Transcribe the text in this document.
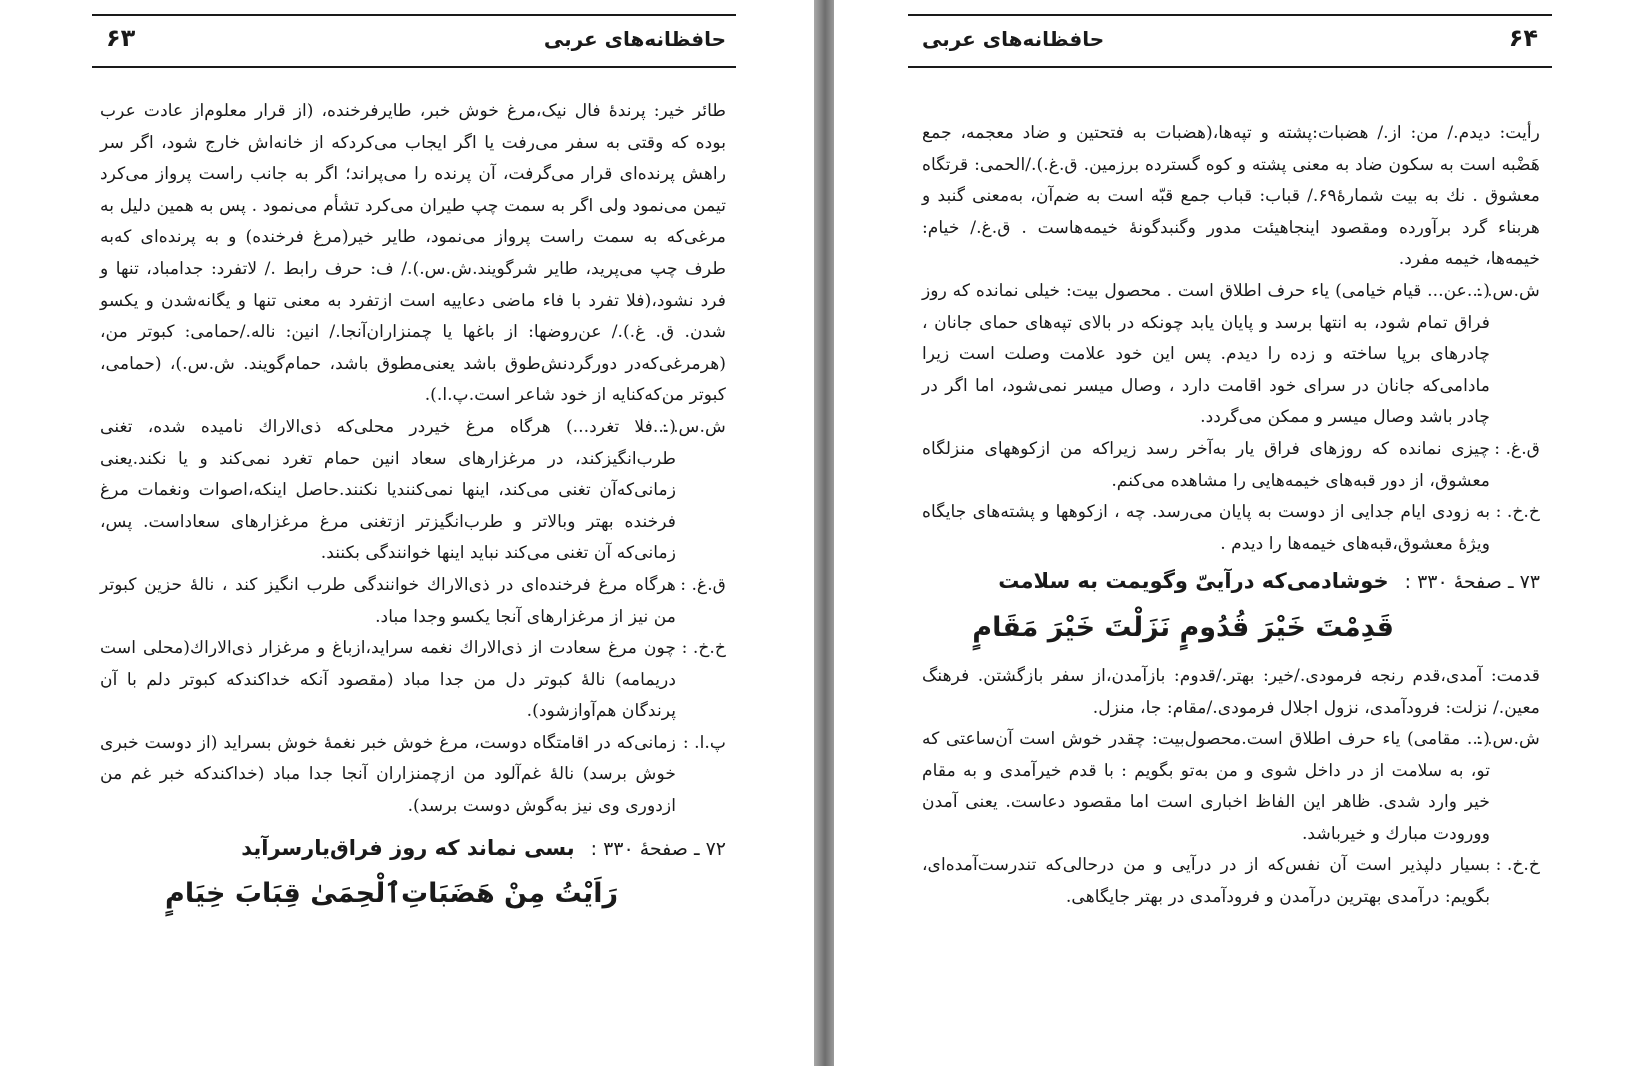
حافظانه‌های عربی
۶۳

طائر خیر: پرندۀ فال نیک،مرغ خوش خبر، طایرفرخنده، (از قرار معلوم‌از عادت عرب بوده که وقتی به سفر می‌رفت یا اگر ایجاب می‌کردکه از خانه‌اش خارج شود، اگر سر راهش پرنده‌ای قرار می‌گرفت، آن پرنده را می‌پراند؛ اگر به جانب راست پرواز می‌کرد تیمن می‌نمود ولی اگر به سمت چپ طیران می‌کرد تشأم می‌نمود . پس به همین دلیل به مرغی‌که به سمت راست پرواز می‌نمود، طایر خیر(مرغ فرخنده) و به پرنده‌ای که‌به طرف چپ می‌پرید، طایر شرگویند.ش.س.)./ ف: حرف رابط ./ لاتفرد: جدامباد، تنها و فرد نشود،(فلا تفرد با فاء ماضی دعاییه است ازتفرد به معنی تنها و یگانه‌شدن و یکسو شدن. ق. غ.)./ عن‌روضها: از باغها یا چمنزاران‌آنجا./ انین: ناله./حمامی: کبوتر من،(هرمرغی‌که‌در دورگردنش‌طوق باشد یعنی‌مطوق باشد، حمام‌گویند. ش.س.)، (حمامی، کبوتر من‌که‌کنایه از خود شاعر است.پ.ا.).

ش.س. :
(...فلا تغرد...) هرگاه مرغ خیردر محلی‌که ذی‌الاراك نامیده شده، تغنی طرب‌انگیزکند، در مرغزارهای سعاد انین حمام تغرد نمی‌کند و یا نکند.یعنی زمانی‌که‌آن تغنی می‌کند، اینها نمی‌کنندیا نکنند.حاصل اینکه،اصوات ونغمات مرغ فرخنده بهتر وبالاتر و طرب‌انگیزتر ازتغنی مرغ مرغزارهای سعاداست. پس، زمانی‌که آن تغنی می‌کند نباید اینها خوانندگی بکنند.
ق.غ. :
هرگاه مرغ فرخنده‌ای در ذی‌الاراك خوانندگی طرب انگیز کند ، نالۀ حزین کبوتر من نیز از مرغزارهای آنجا یکسو وجدا مباد.
خ.خ. :
چون مرغ سعادت از ذی‌الاراك نغمه سراید،ازباغ و مرغزار ذی‌الاراك(محلی است دریمامه) نالۀ کبوتر دل من جدا مباد (مقصود آنکه خداکندکه کبوتر دلم با آن پرندگان هم‌آوازشود).
پ.ا. :
زمانی‌که در اقامتگاه دوست، مرغ خوش خبر نغمۀ خوش بسراید (از دوست خبری خوش برسد) نالۀ غم‌آلود من ازچمنزاران آنجا جدا مباد (خداکندکه خبر غم من ازدوری وی نیز به‌گوش دوست برسد).
۷۲ ـ صفحهٔ ۳۳۰ :
بسی نماند که روز فراق‌یارسرآید
رَاَیْتُ مِنْ هَضَبَاتِ‌ٱلْحِمَیٰ قِبَابَ خِیَامٍ
۶۴
حافظانه‌های عربی

رأیت: دیدم./ من: از./ هضبات:پشته و تپه‌ها،(هضبات به فتحتین و ضاد معجمه، جمع هَضْبه است به سکون ضاد به معنی پشته و کوه گسترده برزمین. ق.غ.)./الحمی: قرتگاه معشوق . نك به بیت شمارۀ۶۹./ قباب: قباب جمع قبّه است به ضم‌آن، به‌معنی گنبد و هربناء گرد برآورده ومقصود اینجاهیئت مدور وگنبدگونۀ خیمه‌هاست . ق.غ./ خیام: خیمه‌ها، خیمه مفرد.

ش.س. :
(...عن... قیام خیامی) یاء حرف اطلاق است . محصول بیت: خیلی نمانده که روز فراق تمام شود، به انتها برسد و پایان یابد چونکه در بالای تپه‌های حمای جانان ، چادرهای برپا ساخته و زده را دیدم. پس این خود علامت وصلت است زیرا مادامی‌که جانان در سرای خود اقامت دارد ، وصال میسر نمی‌شود، اما اگر در چادر باشد وصال میسر و ممکن می‌گردد.
ق.غ. :
چیزی نمانده که روزهای فراق یار به‌آخر رسد زیراکه من ازکوههای منزلگاه معشوق، از دور قبه‌های خیمه‌هایی را مشاهده می‌کنم.
خ.خ. :
به زودی ایام جدایی از دوست به پایان می‌رسد. چه ، ازکوهها و پشته‌های جایگاه ویژۀ معشوق،قبه‌های خیمه‌ها را دیدم .
۷۳ ـ صفحهٔ ۳۳۰ :
خوشادمی‌که درآییّ وگویمت به سلامت
قَدِمْتَ خَیْرَ قُدُومٍ نَزَلْتَ خَیْرَ مَقَامٍ

قدمت: آمدی،قدم رنجه فرمودی./خیر: بهتر./قدوم: بازآمدن،از سفر بازگشتن. فرهنگ معین./ نزلت: فرودآمدی، نزول اجلال فرمودی./مقام: جا، منزل.

ش.س. :
(... مقامی) یاء حرف اطلاق است.محصول‌بیت: چقدر خوش است آن‌ساعتی که تو، به سلامت از در داخل شوی و من به‌تو بگویم : با قدم خیرآمدی و به مقام خیر وارد شدی. ظاهر این الفاظ اخباری است اما مقصود دعاست. یعنی آمدن وورودت مبارك و خیرباشد.
خ.خ. :
بسیار دلپذیر است آن نفس‌که از در درآیی و من درحالی‌که تندرست‌آمده‌ای، بگویم: درآمدی بهترین درآمدن و فرودآمدی در بهتر جایگاهی.
